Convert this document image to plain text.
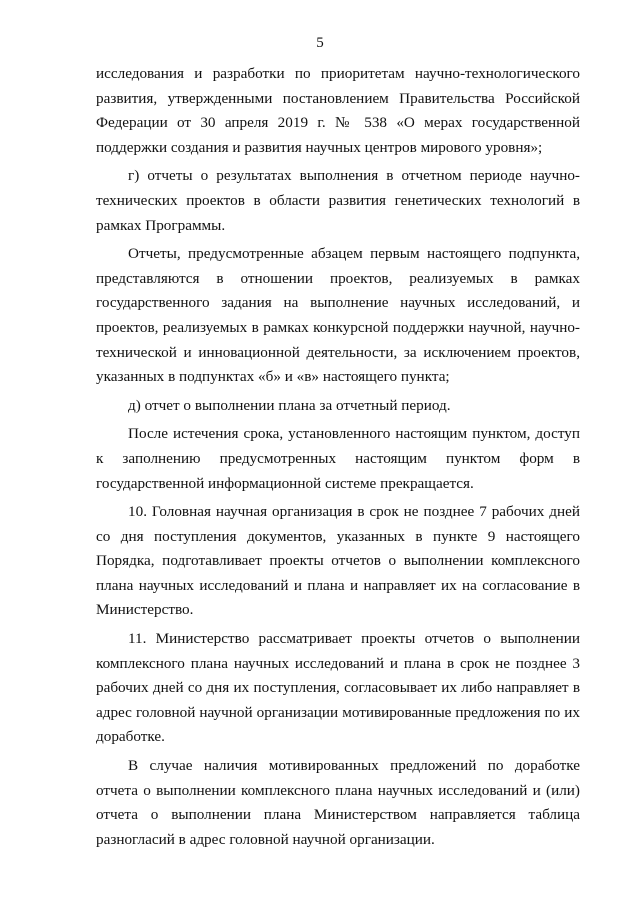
5

исследования и разработки по приоритетам научно-технологического развития, утвержденными постановлением Правительства Российской Федерации от 30 апреля 2019 г. № 538 «О мерах государственной поддержки создания и развития научных центров мирового уровня»;

г) отчеты о результатах выполнения в отчетном периоде научно-технических проектов в области развития генетических технологий в рамках Программы.

Отчеты, предусмотренные абзацем первым настоящего подпункта, представляются в отношении проектов, реализуемых в рамках государственного задания на выполнение научных исследований, и проектов, реализуемых в рамках конкурсной поддержки научной, научно-технической и инновационной деятельности, за исключением проектов, указанных в подпунктах «б» и «в» настоящего пункта;

д) отчет о выполнении плана за отчетный период.

После истечения срока, установленного настоящим пунктом, доступ к заполнению предусмотренных настоящим пунктом форм в государственной информационной системе прекращается.

10. Головная научная организация в срок не позднее 7 рабочих дней со дня поступления документов, указанных в пункте 9 настоящего Порядка, подготавливает проекты отчетов о выполнении комплексного плана научных исследований и плана и направляет их на согласование в Министерство.

11. Министерство рассматривает проекты отчетов о выполнении комплексного плана научных исследований и плана в срок не позднее 3 рабочих дней со дня их поступления, согласовывает их либо направляет в адрес головной научной организации мотивированные предложения по их доработке.

В случае наличия мотивированных предложений по доработке отчета о выполнении комплексного плана научных исследований и (или) отчета о выполнении плана Министерством направляется таблица разногласий в адрес головной научной организации.
